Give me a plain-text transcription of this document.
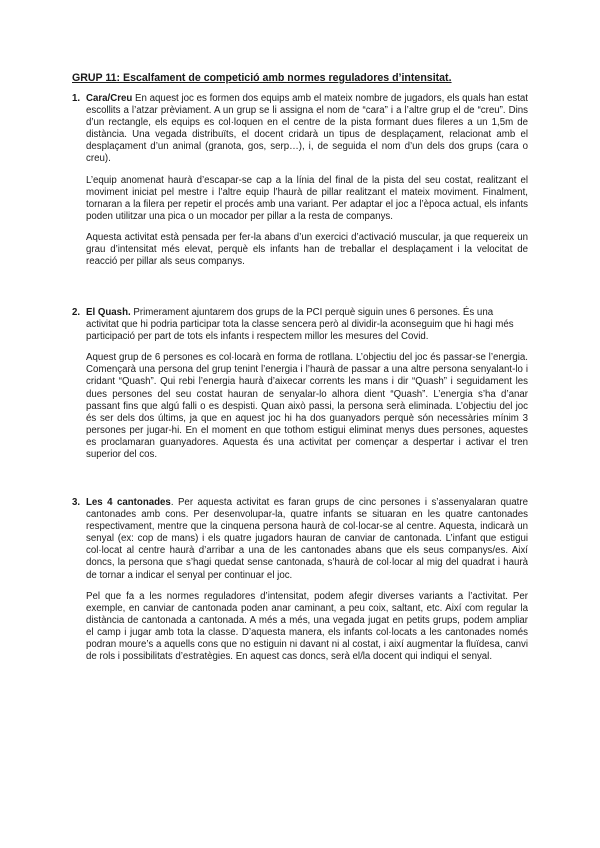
GRUP 11: Escalfament de competició amb normes reguladores d’intensitat.
1. Cara/Creu En aquest joc es formen dos equips amb el mateix nombre de jugadors, els quals han estat escollits a l’atzar prèviament. A un grup se li assigna el nom de “cara” i a l’altre grup el de “creu”. Dins d’un rectangle, els equips es col·loquen en el centre de la pista formant dues fileres a un 1,5m de distància. Una vegada distribuïts, el docent cridarà un tipus de desplaçament, relacionat amb el desplaçament d’un animal (granota, gos, serp…), i, de seguida el nom d’un dels dos grups (cara o creu).

L’equip anomenat haurà d’escapar-se cap a la línia del final de la pista del seu costat, realitzant el moviment iniciat pel mestre i l’altre equip l’haurà de pillar realitzant el mateix moviment. Finalment, tornaran a la filera per repetir el procés amb una variant. Per adaptar el joc a l’època actual, els infants poden utilitzar una pica o un mocador per pillar a la resta de companys.

Aquesta activitat està pensada per fer-la abans d’un exercici d’activació muscular, ja que requereix un grau d’intensitat més elevat, perquè els infants han de treballar el desplaçament i la velocitat de reacció per pillar als seus companys.

2. El Quash. Primerament ajuntarem dos grups de la PCI perquè siguin unes 6 persones. És una activitat que hi podria participar tota la classe sencera però al dividir-la aconseguim que hi hagi més participació per part de tots els infants i respectem millor les mesures del Covid.

Aquest grup de 6 persones es col·locarà en forma de rotllana. L’objectiu del joc és passar-se l’energia. Començarà una persona del grup tenint l’energia i l’haurà de passar a una altre persona senyalant-lo i cridant “Quash”. Qui rebi l’energia haurà d’aixecar corrents les mans i dir “Quash” i seguidament les dues persones del seu costat hauran de senyalar-lo alhora dient “Quash”. L’energia s’ha d’anar passant fins que algú falli o es despisti. Quan això passi, la persona serà eliminada. L’objectiu del joc és ser dels dos últims, ja que en aquest joc hi ha dos guanyadors perquè són necessàries mínim 3 persones per jugar-hi. En el moment en que tothom estigui eliminat menys dues persones, aquestes es proclamaran guanyadores. Aquesta és una activitat per començar a despertar i activar el tren superior del cos.

3. Les 4 cantonades. Per aquesta activitat es faran grups de cinc persones i s’assenyalaran quatre cantonades amb cons. Per desenvolupar-la, quatre infants se situaran en les quatre cantonades respectivament, mentre que la cinquena persona haurà de col·locar-se al centre. Aquesta, indicarà un senyal (ex: cop de mans) i els quatre jugadors hauran de canviar de cantonada. L’infant que estigui col·locat al centre haurà d’arribar a una de les cantonades abans que els seus companys/es. Així doncs, la persona que s’hagi quedat sense cantonada, s’haurà de col·locar al mig del quadrat i haurà de tornar a indicar el senyal per continuar el joc.

Pel que fa a les normes reguladores d’intensitat, podem afegir diverses variants a l’activitat. Per exemple, en canviar de cantonada poden anar caminant, a peu coix, saltant, etc. Així com regular la distància de cantonada a cantonada. A més a més, una vegada jugat en petits grups, podem ampliar el camp i jugar amb tota la classe. D’aquesta manera, els infants col·locats a les cantonades només podran moure’s a aquells cons que no estiguin ni davant ni al costat, i així augmentar la fluïdesa, canvi de rols i possibilitats d’estratègies. En aquest cas doncs, serà el/la docent qui indiqui el senyal.
